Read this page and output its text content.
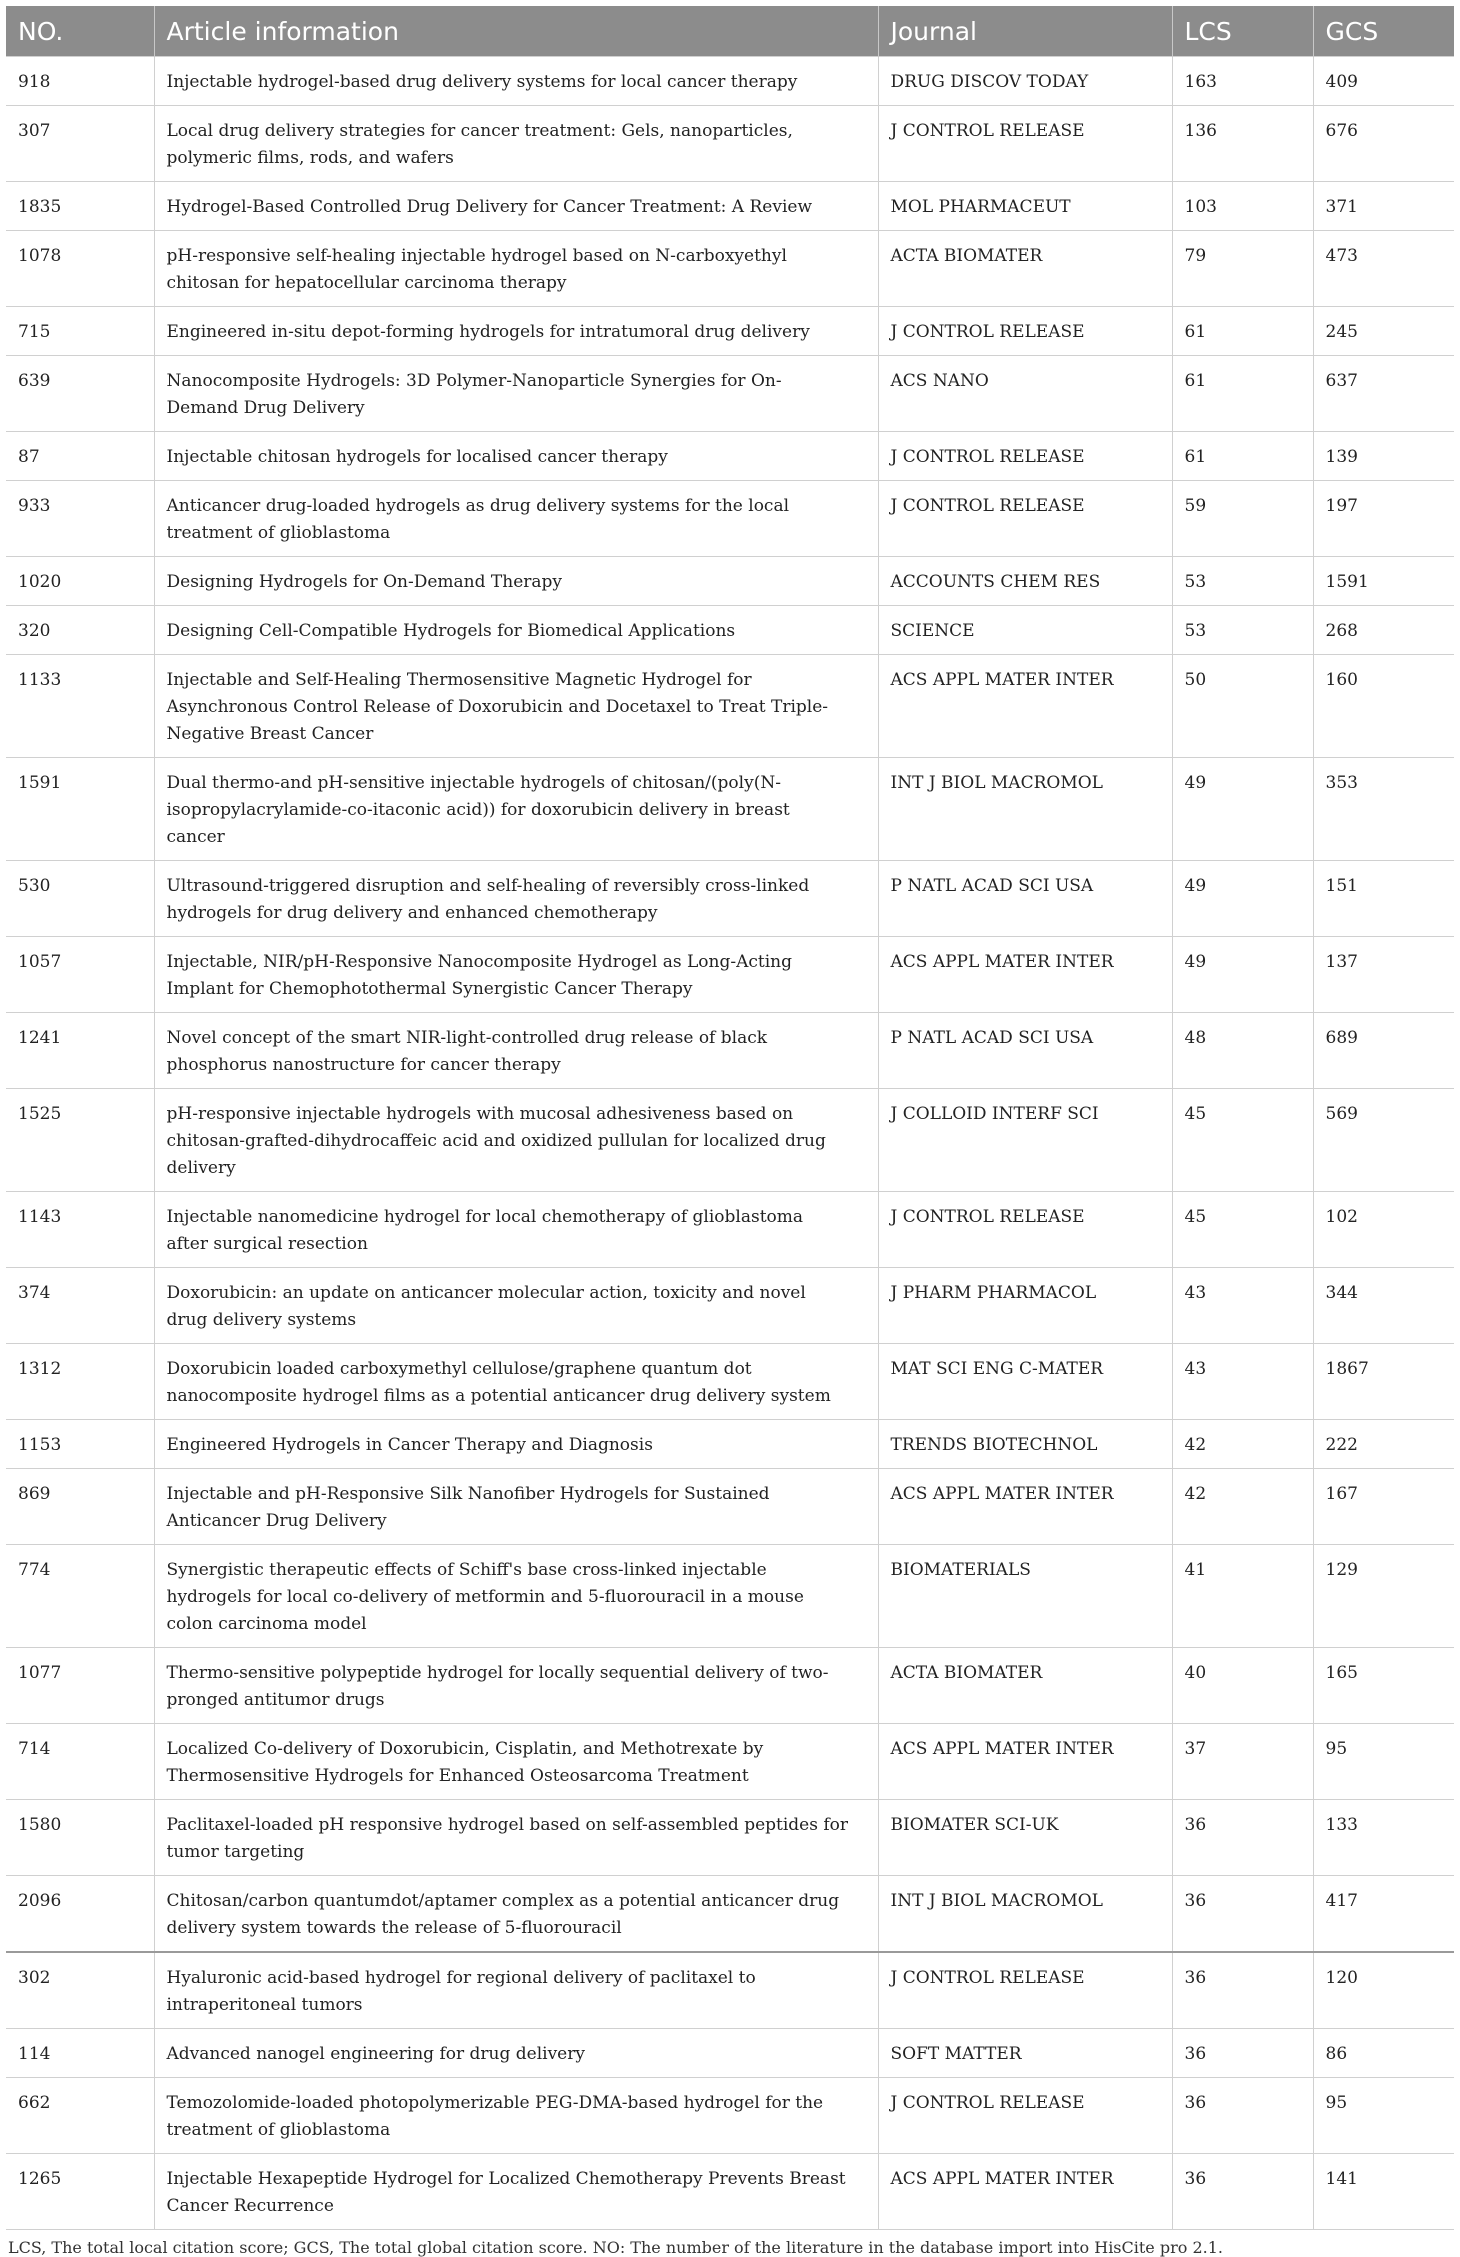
NO.	Article information	Journal	LCS	GCS
918	Injectable hydrogel-based drug delivery systems for local cancer therapy	DRUG DISCOV TODAY	163	409
307	Local drug delivery strategies for cancer treatment: Gels, nanoparticles, polymeric films, rods, and wafers	J CONTROL RELEASE	136	676
1835	Hydrogel-Based Controlled Drug Delivery for Cancer Treatment: A Review	MOL PHARMACEUT	103	371
1078	pH-responsive self-healing injectable hydrogel based on N-carboxyethyl chitosan for hepatocellular carcinoma therapy	ACTA BIOMATER	79	473
715	Engineered in-situ depot-forming hydrogels for intratumoral drug delivery	J CONTROL RELEASE	61	245
639	Nanocomposite Hydrogels: 3D Polymer-Nanoparticle Synergies for On-Demand Drug Delivery	ACS NANO	61	637
87	Injectable chitosan hydrogels for localised cancer therapy	J CONTROL RELEASE	61	139
933	Anticancer drug-loaded hydrogels as drug delivery systems for the local treatment of glioblastoma	J CONTROL RELEASE	59	197
1020	Designing Hydrogels for On-Demand Therapy	ACCOUNTS CHEM RES	53	1591
320	Designing Cell-Compatible Hydrogels for Biomedical Applications	SCIENCE	53	268
1133	Injectable and Self-Healing Thermosensitive Magnetic Hydrogel for Asynchronous Control Release of Doxorubicin and Docetaxel to Treat Triple-Negative Breast Cancer	ACS APPL MATER INTER	50	160
1591	Dual thermo-and pH-sensitive injectable hydrogels of chitosan/(poly(N-isopropylacrylamide-co-itaconic acid)) for doxorubicin delivery in breast cancer	INT J BIOL MACROMOL	49	353
530	Ultrasound-triggered disruption and self-healing of reversibly cross-linked hydrogels for drug delivery and enhanced chemotherapy	P NATL ACAD SCI USA	49	151
1057	Injectable, NIR/pH-Responsive Nanocomposite Hydrogel as Long-Acting Implant for Chemophotothermal Synergistic Cancer Therapy	ACS APPL MATER INTER	49	137
1241	Novel concept of the smart NIR-light-controlled drug release of black phosphorus nanostructure for cancer therapy	P NATL ACAD SCI USA	48	689
1525	pH-responsive injectable hydrogels with mucosal adhesiveness based on chitosan-grafted-dihydrocaffeic acid and oxidized pullulan for localized drug delivery	J COLLOID INTERF SCI	45	569
1143	Injectable nanomedicine hydrogel for local chemotherapy of glioblastoma after surgical resection	J CONTROL RELEASE	45	102
374	Doxorubicin: an update on anticancer molecular action, toxicity and novel drug delivery systems	J PHARM PHARMACOL	43	344
1312	Doxorubicin loaded carboxymethyl cellulose/graphene quantum dot nanocomposite hydrogel films as a potential anticancer drug delivery system	MAT SCI ENG C-MATER	43	1867
1153	Engineered Hydrogels in Cancer Therapy and Diagnosis	TRENDS BIOTECHNOL	42	222
869	Injectable and pH-Responsive Silk Nanofiber Hydrogels for Sustained Anticancer Drug Delivery	ACS APPL MATER INTER	42	167
774	Synergistic therapeutic effects of Schiff's base cross-linked injectable hydrogels for local co-delivery of metformin and 5-fluorouracil in a mouse colon carcinoma model	BIOMATERIALS	41	129
1077	Thermo-sensitive polypeptide hydrogel for locally sequential delivery of two-pronged antitumor drugs	ACTA BIOMATER	40	165
714	Localized Co-delivery of Doxorubicin, Cisplatin, and Methotrexate by Thermosensitive Hydrogels for Enhanced Osteosarcoma Treatment	ACS APPL MATER INTER	37	95
1580	Paclitaxel-loaded pH responsive hydrogel based on self-assembled peptides for tumor targeting	BIOMATER SCI-UK	36	133
2096	Chitosan/carbon quantumdot/aptamer complex as a potential anticancer drug delivery system towards the release of 5-fluorouracil	INT J BIOL MACROMOL	36	417
302	Hyaluronic acid-based hydrogel for regional delivery of paclitaxel to intraperitoneal tumors	J CONTROL RELEASE	36	120
114	Advanced nanogel engineering for drug delivery	SOFT MATTER	36	86
662	Temozolomide-loaded photopolymerizable PEG-DMA-based hydrogel for the treatment of glioblastoma	J CONTROL RELEASE	36	95
1265	Injectable Hexapeptide Hydrogel for Localized Chemotherapy Prevents Breast Cancer Recurrence	ACS APPL MATER INTER	36	141
LCS, The total local citation score; GCS, The total global citation score. NO: The number of the literature in the database import into HisCite pro 2.1.
